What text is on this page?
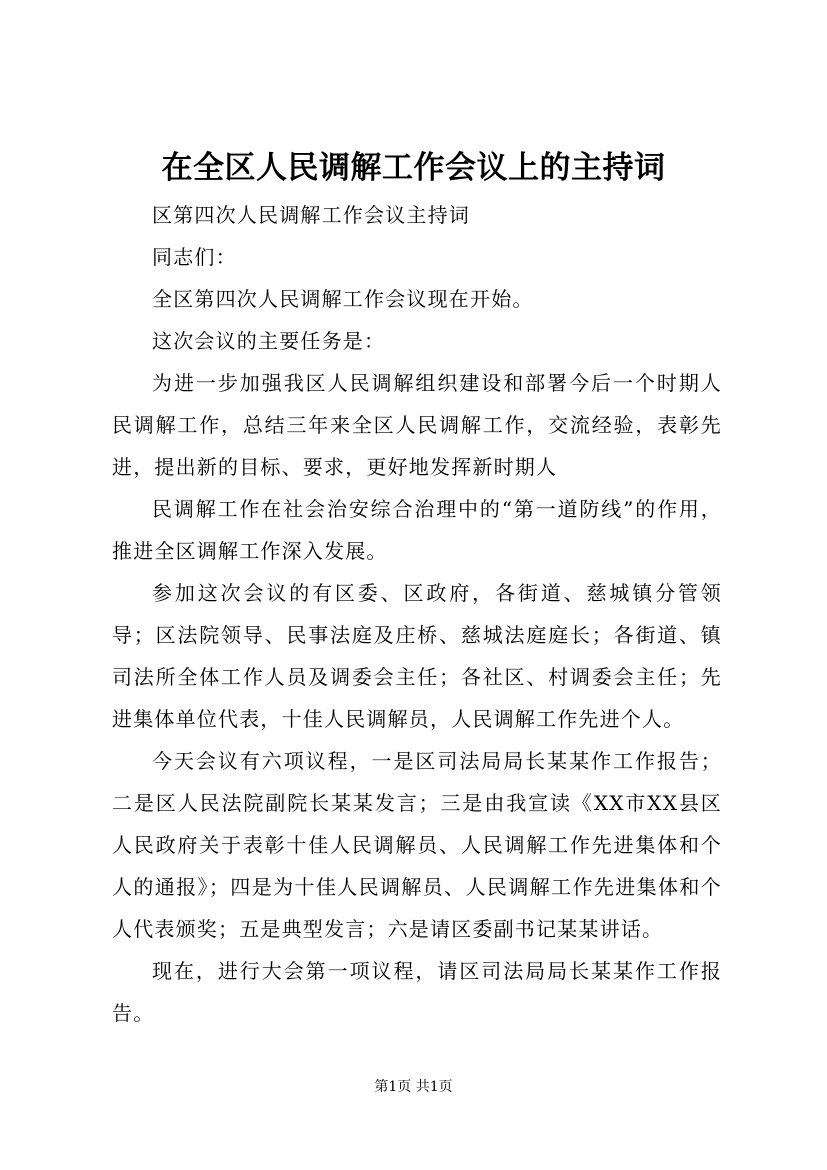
在全区人民调解工作会议上的主持词

区第四次人民调解工作会议主持词

同志们：

全区第四次人民调解工作会议现在开始。

这次会议的主要任务是：

为进一步加强我区人民调解组织建设和部署今后一个时期人民调解工作，总结三年来全区人民调解工作，交流经验，表彰先进，提出新的目标、要求，更好地发挥新时期人

民调解工作在社会治安综合治理中的“第一道防线”的作用，推进全区调解工作深入发展。

参加这次会议的有区委、区政府，各街道、慈城镇分管领导；区法院领导、民事法庭及庄桥、慈城法庭庭长；各街道、镇司法所全体工作人员及调委会主任；各社区、村调委会主任；先进集体单位代表，十佳人民调解员，人民调解工作先进个人。

今天会议有六项议程，一是区司法局局长某某作工作报告；二是区人民法院副院长某某发言；三是由我宣读《XX市XX县区人民政府关于表彰十佳人民调解员、人民调解工作先进集体和个人的通报》；四是为十佳人民调解员、人民调解工作先进集体和个人代表颁奖；五是典型发言；六是请区委副书记某某讲话。

现在，进行大会第一项议程，请区司法局局长某某作工作报告。

第1页 共1页
